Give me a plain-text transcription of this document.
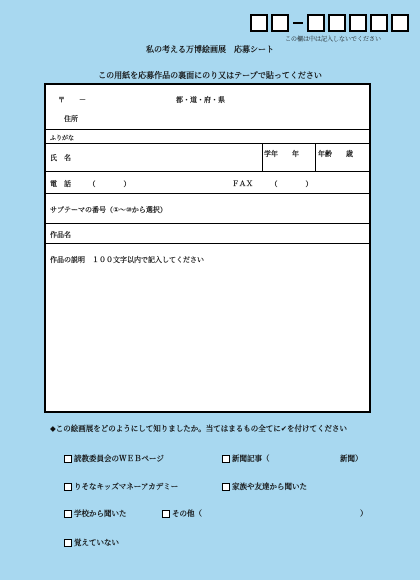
この欄は中は記入しないでください
私の考える万博絵画展　応募シート
この用紙を応募作品の裏面にのり又はテープで貼ってください
〒　　－	都・道・府・県
住所
ふりがな
氏　名	学年　　年	年齢　　歳
電　話　　　（　　　　）	ＦＡＸ　　　（　　　　）
サブテーマの番号（①～⑩から選択）
作品名
作品の説明　１００文字以内で記入してください
◆この絵画展をどのようにして知りましたか。当てはまるもの全てに✔を付けてください
読教委員会のＷＥＢページ	新聞記事（	新聞）
りそなキッズマネーアカデミー	家族や友達から聞いた
学校から聞いた	その他（	）
覚えていない
